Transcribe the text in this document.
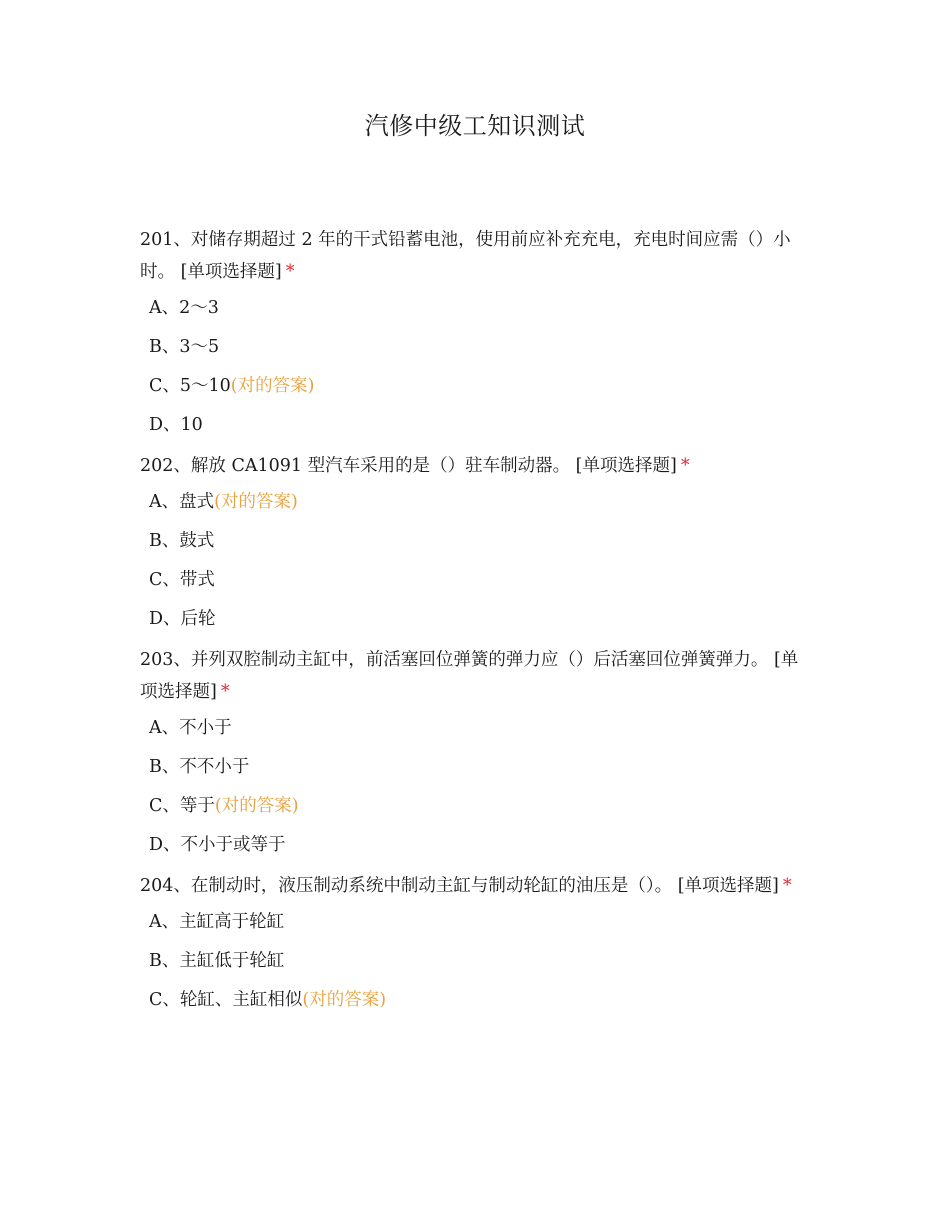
汽修中级工知识测试

201、对储存期超过 2 年的干式铅蓄电池，使用前应补充充电，充电时间应需（）小时。 [单项选择题] *

A、2～3
B、3～5
C、5～10(对的答案)
D、10

202、解放 CA1091 型汽车采用的是（）驻车制动器。 [单项选择题] *

A、盘式(对的答案)
B、鼓式
C、带式
D、后轮

203、并列双腔制动主缸中，前活塞回位弹簧的弹力应（）后活塞回位弹簧弹力。 [单项选择题] *

A、不小于
B、不不小于
C、等于(对的答案)
D、不小于或等于

204、在制动时，液压制动系统中制动主缸与制动轮缸的油压是（）。 [单项选择题] *

A、主缸高于轮缸
B、主缸低于轮缸
C、轮缸、主缸相似(对的答案)
